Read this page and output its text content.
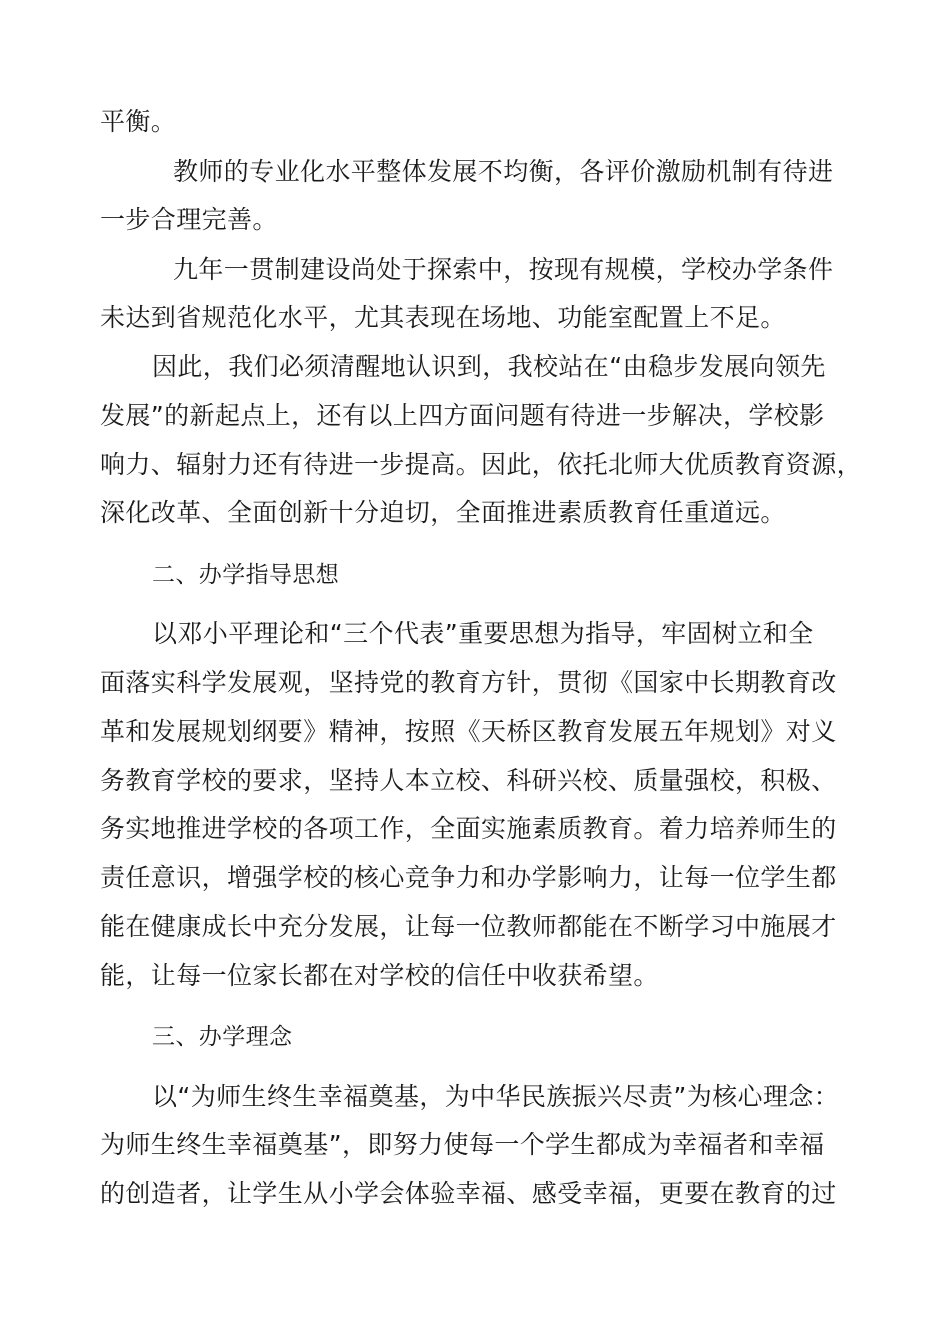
平衡。
教师的专业化水平整体发展不均衡，各评价激励机制有待进
一步合理完善。
九年一贯制建设尚处于探索中，按现有规模，学校办学条件
未达到省规范化水平，尤其表现在场地、功能室配置上不足。
因此，我们必须清醒地认识到，我校站在“由稳步发展向领先
发展”的新起点上，还有以上四方面问题有待进一步解决，学校影
响力、辐射力还有待进一步提高。因此，依托北师大优质教育资源，
深化改革、全面创新十分迫切，全面推进素质教育任重道远。
二、办学指导思想
以邓小平理论和“三个代表”重要思想为指导，牢固树立和全
面落实科学发展观，坚持党的教育方针，贯彻《国家中长期教育改
革和发展规划纲要》精神，按照《天桥区教育发展五年规划》对义
务教育学校的要求，坚持人本立校、科研兴校、质量强校，积极、
务实地推进学校的各项工作，全面实施素质教育。着力培养师生的
责任意识，增强学校的核心竞争力和办学影响力，让每一位学生都
能在健康成长中充分发展，让每一位教师都能在不断学习中施展才
能，让每一位家长都在对学校的信任中收获希望。
三、办学理念
以“为师生终生幸福奠基，为中华民族振兴尽责”为核心理念：
为师生终生幸福奠基”，即努力使每一个学生都成为幸福者和幸福
的创造者，让学生从小学会体验幸福、感受幸福，更要在教育的过
